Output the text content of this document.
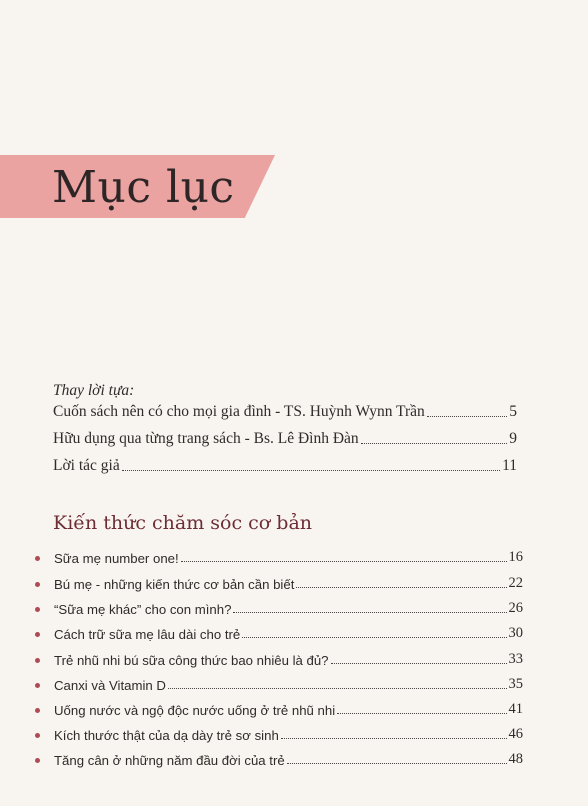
Mục lục
Thay lời tựa:
Cuốn sách nên có cho mọi gia đình - TS. Huỳnh Wynn Trần	5
Hữu dụng qua từng trang sách - Bs. Lê Đình Đàn	9
Lời tác giả	11
Kiến thức chăm sóc cơ bản
Sữa mẹ number one!	16
Bú mẹ - những kiến thức cơ bản cần biết	22
“Sữa mẹ khác” cho con mình?	26
Cách trữ sữa mẹ lâu dài cho trẻ	30
Trẻ nhũ nhi bú sữa công thức bao nhiêu là đủ?	33
Canxi và Vitamin D	35
Uống nước và ngộ độc nước uống ở trẻ nhũ nhi	41
Kích thước thật của dạ dày trẻ sơ sinh	46
Tăng cân ở những năm đầu đời của trẻ	48
